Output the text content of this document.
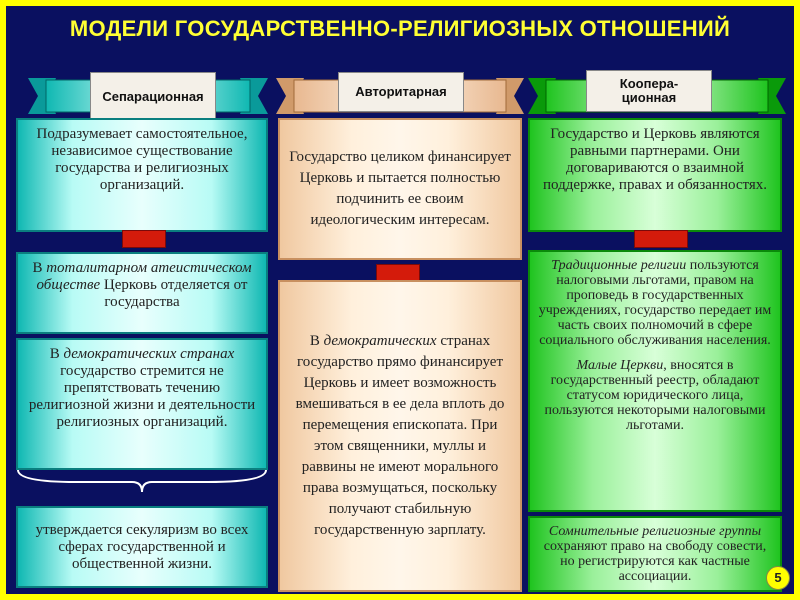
МОДЕЛИ ГОСУДАРСТВЕННО-РЕЛИГИОЗНЫХ ОТНОШЕНИЙ
Сепарационная	Авторитарная
Коопера-
ционная
Подразумевает самостоятельное, независимое существование государства и религиозных организаций.
В тоталитарном атеистическом обществе Церковь отделяется от государства
В демократических странах государство стремится не препятствовать течению религиозной жизни и деятельности религиозных организаций.
утверждается секуляризм во всех сферах государственной и общественной жизни.
Государство целиком финансирует Церковь и пытается полностью подчинить ее своим идеологическим интересам.
В демократических странах государство прямо финансирует Церковь и имеет возможность вмешиваться в ее дела вплоть до перемещения епископата. При этом священники, муллы и раввины не имеют морального права возмущаться, поскольку получают стабильную государственную зарплату.
Государство и Церковь являются равными партнерами. Они договариваются о взаимной поддержке, правах и обязанностях.
Традиционные религии пользуются налоговыми льготами, правом на проповедь в государственных учреждениях, государство передает им часть своих полномочий в сфере социального обслуживания населения.
Малые Церкви, вносятся в государственный реестр, обладают статусом юридического лица, пользуются некоторыми налоговыми льготами.
Сомнительные религиозные группы сохраняют право на свободу совести, но регистрируются как частные ассоциации.	5
